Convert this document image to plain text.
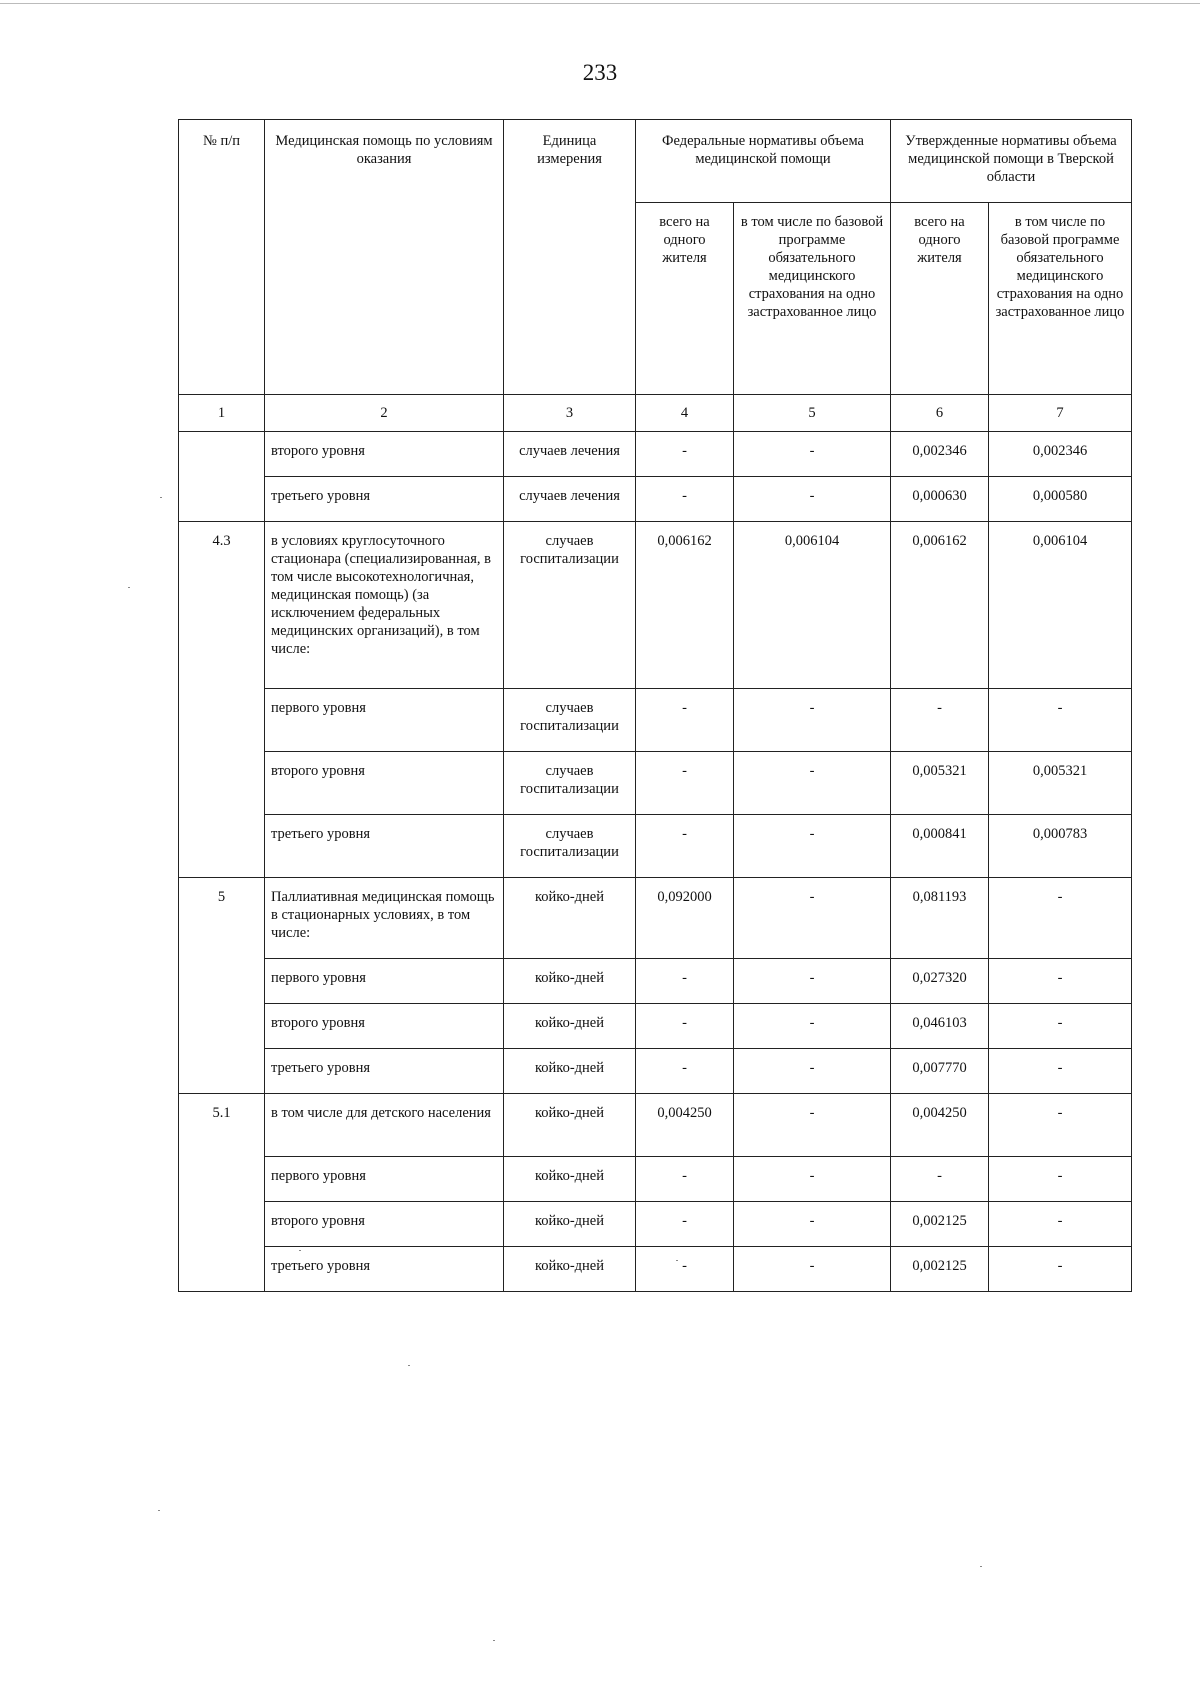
233
№ п/п	Медицинская помощь по условиям оказания	Единица измерения	Федеральные нормативы объема медицинской помощи		Утвержденные нормативы объема медицинской помощи в Тверской области	
			всего на одного жителя	в том числе по базовой программе обязательного медицинского страхования на одно застрахованное лицо	всего на одного жителя	в том числе по базовой программе обязательного медицинского страхования на одно застрахованное лицо
1	2	3	4	5	6	7
	второго уровня	случаев лечения	-	-	0,002346	0,002346
	третьего уровня	случаев лечения	-	-	0,000630	0,000580
4.3	в условиях круглосуточного стационара (специализированная, в том числе высокотехнологичная, медицинская помощь) (за исключением федеральных медицинских организаций), в том числе:	случаев госпитализации	0,006162	0,006104	0,006162	0,006104
	первого уровня	случаев госпитализации	-	-	-	-
	второго уровня	случаев госпитализации	-	-	0,005321	0,005321
	третьего уровня	случаев госпитализации	-	-	0,000841	0,000783
5	Паллиативная медицинская помощь в стационарных условиях, в том числе:	койко-дней	0,092000	-	0,081193	-
	первого уровня	койко-дней	-	-	0,027320	-
	второго уровня	койко-дней	-	-	0,046103	-
	третьего уровня	койко-дней	-	-	0,007770	-
5.1	в том числе для детского населения	койко-дней	0,004250	-	0,004250	-
	первого уровня	койко-дней	-	-	-	-
	второго уровня	койко-дней	-	-	0,002125	-
	третьего уровня	койко-дней	-	-	0,002125	-
